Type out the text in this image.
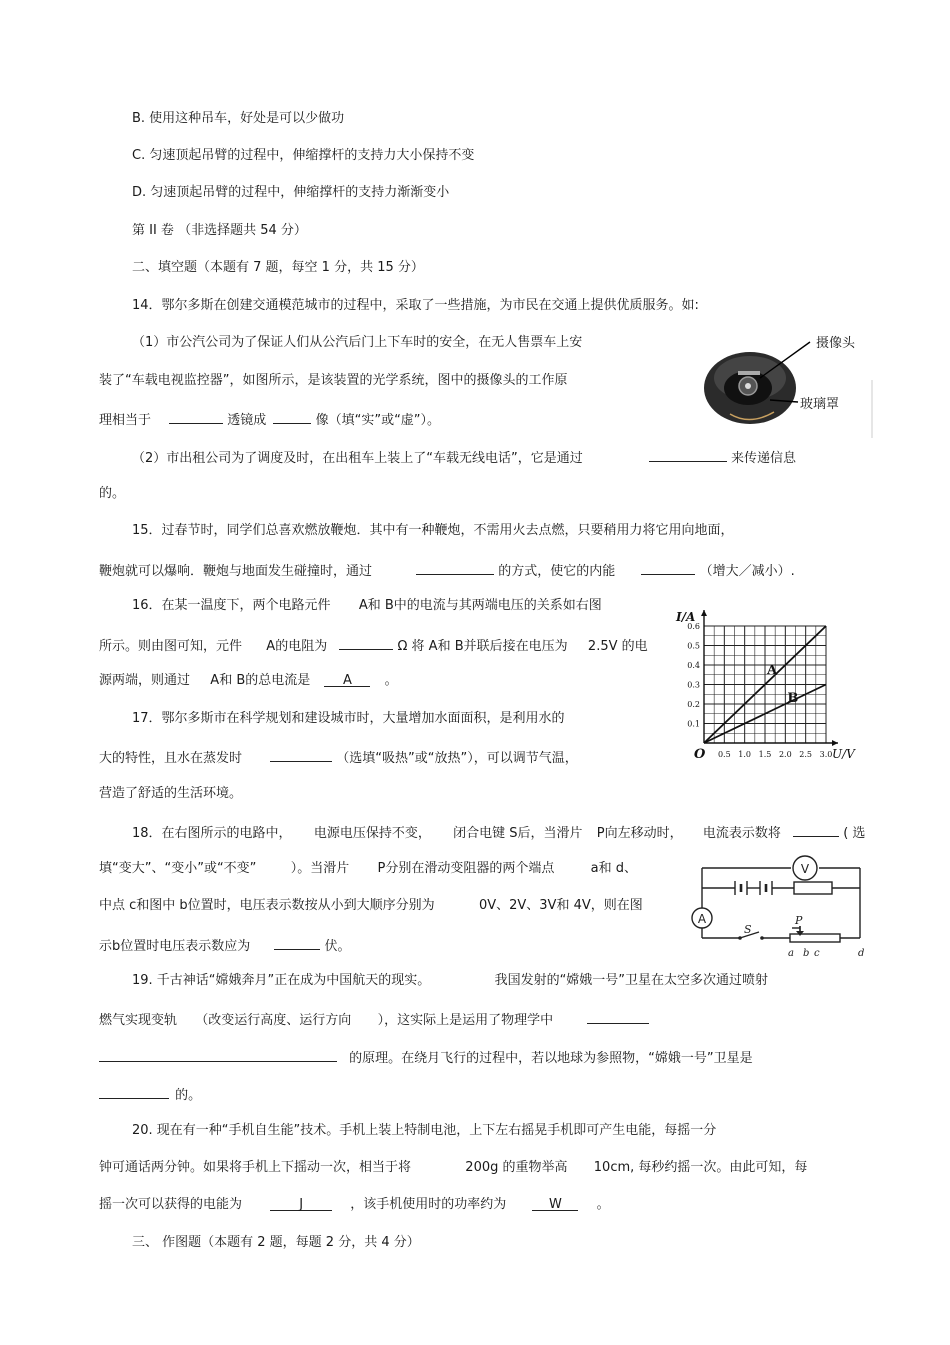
B. 使用这种吊车，好处是可以少做功
C. 匀速顶起吊臂的过程中，伸缩撑杆的支持力大小保持不变
D. 匀速顶起吊臂的过程中，伸缩撑杆的支持力渐渐变小
第 II 卷 （非选择题共 54 分）
二、填空题（本题有 7 题，每空 1 分，共 15 分）
14．鄂尔多斯在创建交通模范城市的过程中，采取了一些措施，为市民在交通上提供优质服务。如:
（1）市公汽公司为了保证人们从公汽后门上下车时的安全，在无人售票车上安
装了“车载电视监控器”，如图所示，是该装置的光学系统，图中的摄像头的工作原
理相当于	透镜成	像（填“实”或“虚”）。
（2）市出租公司为了调度及时，在出租车上装上了“车载无线电话”，它是通过	来传递信息
的。
摄像头
玻璃罩
15．过春节时，同学们总喜欢燃放鞭炮．其中有一种鞭炮，不需用火去点燃，只要稍用力将它用向地面，
鞭炮就可以爆响．鞭炮与地面发生碰撞时，通过	的方式，使它的内能	（增大／减小）.
16．在某一温度下，两个电路元件 A和 B中的电流与其两端电压的关系如右图
所示。则由图可知，元件 A的电阻为	Ω 将 A和 B并联后接在电压为 2.5V 的电
源两端，则通过 A和 B的总电流是	A	。
0.5 1.0 1.5 2.0 2.5 3.0
0.1
0.2
0.3
0.4
0.5
0.6
O	U/V
I/A
A
B
17．鄂尔多斯市在科学规划和建设城市时，大量增加水面面积，是利用水的
大的特性，且水在蒸发时	（选填“吸热”或“放热”），可以调节气温，
营造了舒适的生活环境。
18．在右图所示的电路中， 电源电压保持不变， 闭合电键 S后，当滑片 P向左移动时， 电流表示数将	( 选
填“变大”、“变小”或“不变”	）。当滑片 P分别在滑动变阻器的两个端点	a和 d、
中点 c和图中 b位置时，电压表示数按从小到大顺序分别为	0V、2V、3V和 4V，则在图
示b位置时电压表示数应为	伏。
V
A
S
P
a b c	d
19. 千古神话“嫦娥奔月”正在成为中国航天的现实。	我国发射的“嫦娥一号”卫星在太空多次通过喷射
燃气实现变轨 （改变运行高度、运行方向 ），这实际上是运用了物理学中
的原理。在绕月飞行的过程中，若以地球为参照物，“嫦娥一号”卫星是
的。
20. 现在有一种“手机自生能”技术。手机上装上特制电池，上下左右摇晃手机即可产生电能，每摇一分
钟可通话两分钟。如果将手机上下摇动一次，相当于将	200g 的重物举高 10cm, 每秒约摇一次。由此可知，每
摇一次可以获得的电能为	J	，该手机使用时的功率约为	W	。
三、 作图题（本题有 2 题，每题 2 分，共 4 分）
